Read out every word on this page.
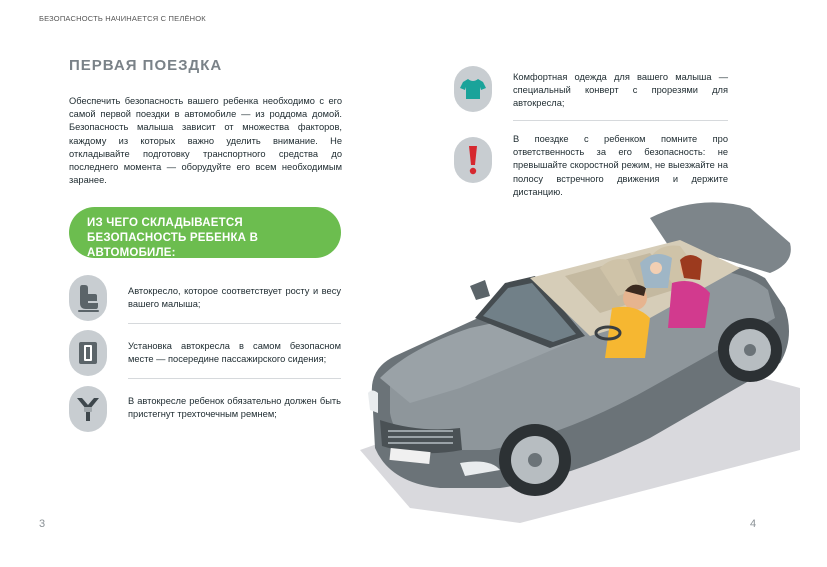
БЕЗОПАСНОСТЬ НАЧИНАЕТСЯ С ПЕЛЁНОК
ПЕРВАЯ ПОЕЗДКА
Обеспечить безопасность вашего ребенка необходимо с его самой первой поездки в автомобиле — из роддома домой. Безопасность малыша зависит от множества факторов, каждому из которых важно уделить внимание. Не откладывайте подготовку транспортного средства до последнего момента — оборудуйте его всем необходимым заранее.
ИЗ ЧЕГО СКЛАДЫВАЕТСЯ БЕЗОПАСНОСТЬ РЕБЕНКА В АВТОМОБИЛЕ:
Автокресло, которое соответствует росту и весу вашего малыша;
Установка автокресла в самом безопасном месте — посередине пассажирского сидения;
В автокресле ребенок обязательно должен быть пристегнут трехточечным ремнем;
Комфортная одежда для вашего малыша — специальный конверт с прорезями для автокресла;
В поездке с ребенком помните про ответственность за его безопасность: не превышайте скоростной режим, не выезжайте на полосу встречного движения и держите дистанцию.
3	4
